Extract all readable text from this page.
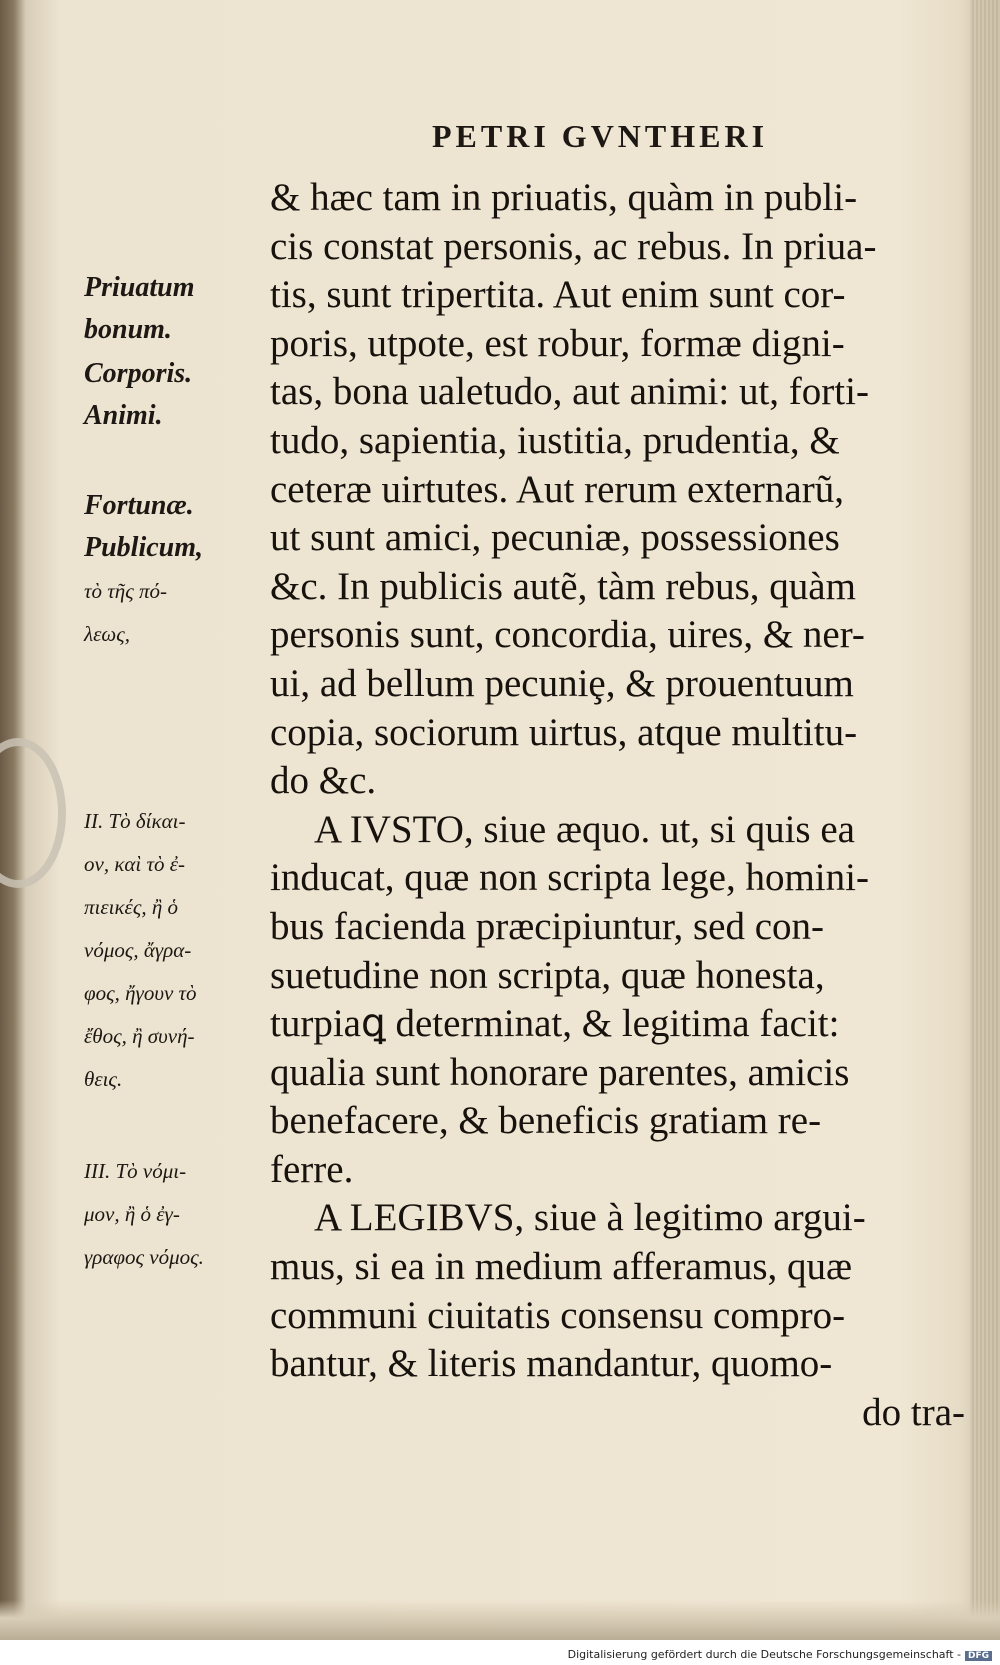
PETRI GVNTHERI
& hæc tam in priuatis, quàm in publi-
cis constat personis, ac rebus. In priua-
tis, sunt tripertita. Aut enim sunt cor-
poris, utpote, est robur, formæ digni-
tas, bona ualetudo, aut animi: ut, forti-
tudo, sapientia, iustitia, prudentia, &
ceteræ uirtutes. Aut rerum externarũ,
ut sunt amici, pecuniæ, possessiones
&c. In publicis autẽ, tàm rebus, quàm
personis sunt, concordia, uires, & ner-
ui, ad bellum pecuniȩ, & prouentuum
copia, sociorum uirtus, atque multitu-
do &c.
A IVSTO, siue æquo. ut, si quis ea
inducat, quæ non scripta lege, homini-
bus facienda præcipiuntur, sed con-
suetudine non scripta, quæ honesta,
turpiaꝗ determinat, & legitima facit:
qualia sunt honorare parentes, amicis
benefacere, & beneficis gratiam re-
ferre.
A LEGIBVS, siue à legitimo argui-
mus, si ea in medium afferamus, quæ
communi ciuitatis consensu compro-
bantur, & literis mandantur, quomo-
do tra-
Priuatum
bonum.
Corporis.
Animi.
Fortunæ.
Publicum,
τὸ τῆς πό-
λεως,
II. Τὸ δίκαι-
ον, καὶ τὸ ἐ-
πιεικές, ἢ ὁ
νόμος, ἄγρα-
φος, ἤγουν τὸ
ἔθος, ἢ συνή-
θεις.
III. Τὸ νόμι-
μον, ἢ ὁ ἐγ-
γραφος νόμος.
Digitalisierung gefördert durch die Deutsche Forschungsgemeinschaft - DFG
